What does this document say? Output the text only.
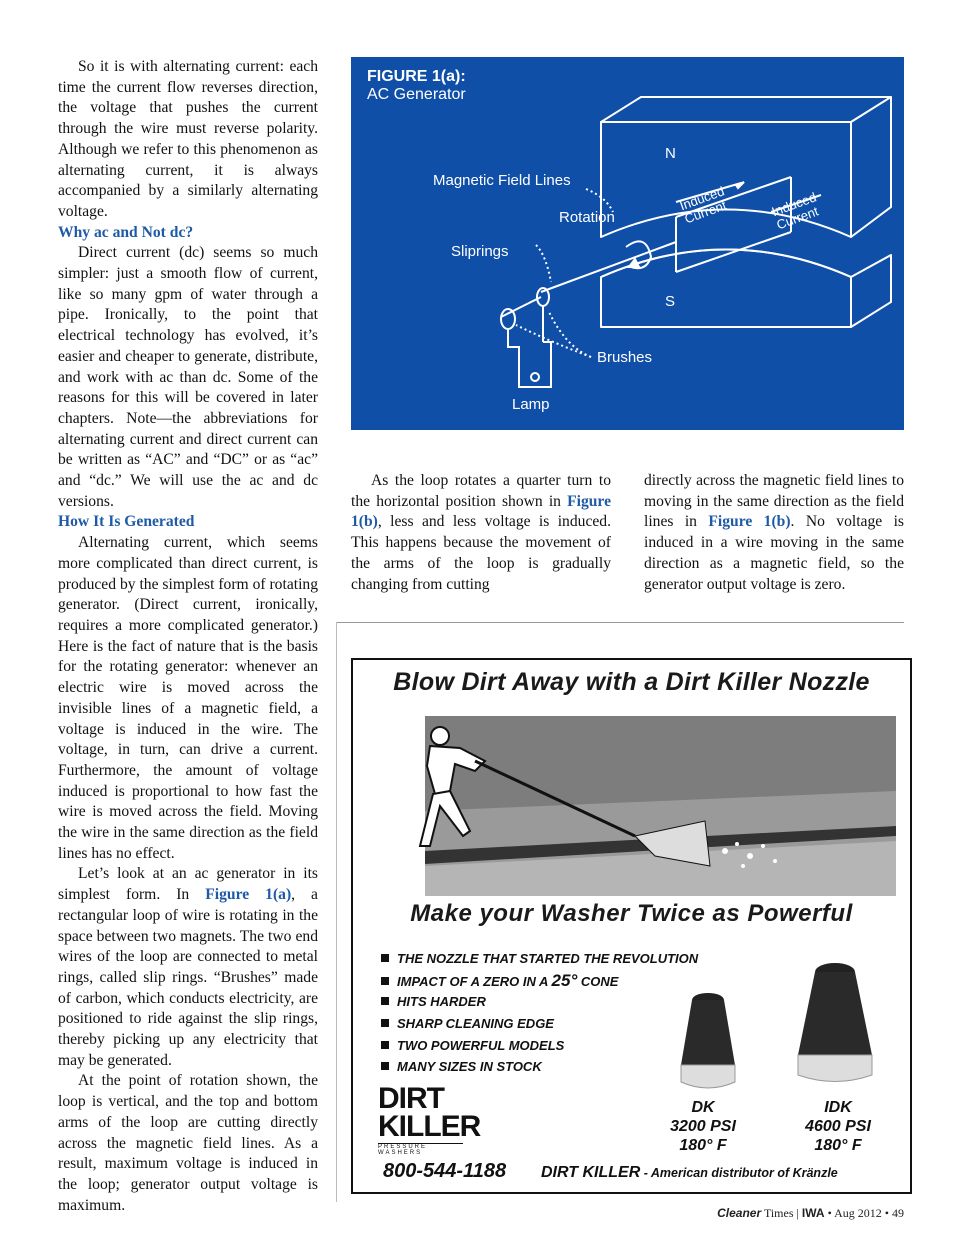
So it is with alternating current: each time the current flow reverses direction, the voltage that pushes the current through the wire must reverse polarity. Although we refer to this phenomenon as alternating current, it is always accompanied by a similarly alternating voltage.

Why ac and Not dc?

Direct current (dc) seems so much simpler: just a smooth flow of current, like so many gpm of water through a pipe. Ironically, to the point that electrical technology has evolved, it’s easier and cheaper to generate, distribute, and work with ac than dc. Some of the reasons for this will be covered in later chapters. Note—the abbreviations for alternating current and direct current can be written as “AC” and “DC” or as “ac” and “dc.” We will use the ac and dc versions.

How It Is Generated

Alternating current, which seems more complicated than direct current, is produced by the simplest form of rotating generator. (Direct current, ironically, requires a more complicated generator.) Here is the fact of nature that is the basis for the rotating generator: whenever an electric wire is moved across the invisible lines of a magnetic field, a voltage is induced in the wire. The voltage, in turn, can drive a current. Furthermore, the amount of voltage induced is proportional to how fast the wire is moved across the field. Moving the wire in the same direction as the field lines has no effect.

Let’s look at an ac generator in its simplest form. In Figure 1(a), a rectangular loop of wire is rotating in the space between two magnets. The two end wires of the loop are connected to metal rings, called slip rings. “Brushes” made of carbon, which conducts electricity, are positioned to ride against the slip rings, thereby picking up any electricity that may be generated.

At the point of rotation shown, the loop is vertical, and the top and bottom arms of the loop are cutting directly across the magnetic field lines. As a result, maximum voltage is induced in the loop; generator output voltage is maximum.

FIGURE 1(a):
AC Generator
N
S
Magnetic Field Lines
Rotation
Induced Current	Induced Current
Sliprings
Brushes
Lamp

As the loop rotates a quarter turn to the horizontal position shown in Figure 1(b), less and less voltage is induced. This happens because the movement of the arms of the loop is gradually changing from cutting

directly across the magnetic field lines to moving in the same direction as the field lines in Figure 1(b). No voltage is induced in a wire moving in the same direction as a magnetic field, so the generator output voltage is zero.

Blow Dirt Away with a Dirt Killer Nozzle
Make your Washer Twice as Powerful
THE NOZZLE THAT STARTED THE REVOLUTION
IMPACT OF A ZERO IN A 25° CONE
HITS HARDER
SHARP CLEANING EDGE
TWO POWERFUL MODELS
MANY SIZES IN STOCK
DIRT
KILLER
PRESSURE WASHERS
DK
3200 PSI
180° F
IDK
4600 PSI
180° F
800-544-1188 DIRT KILLER - American distributor of Kränzle
Cleaner Times | IWA • Aug 2012 • 49
